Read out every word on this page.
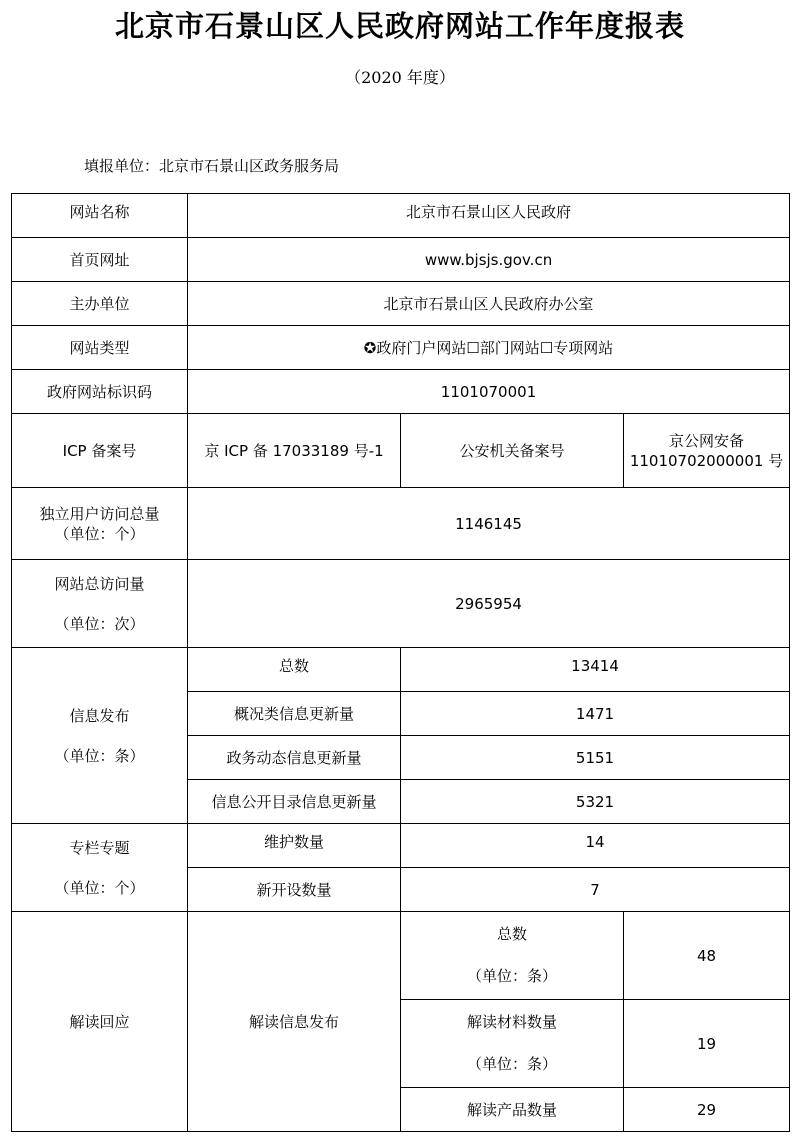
北京市石景山区人民政府网站工作年度报表
（2020 年度）
填报单位：北京市石景山区政务服务局
网站名称	北京市石景山区人民政府		
首页网址	www.bjsjs.gov.cn		
主办单位	北京市石景山区人民政府办公室		
网站类型	✪政府门户网站☐部门网站☐专项网站		
政府网站标识码	1101070001		
ICP 备案号	京 ICP 备 17033189 号-1	公安机关备案号	京公网安备
11010702000001 号
独立用户访问总量
（单位：个）	1146145		
网站总访问量
（单位：次）	2965954		
信息发布
（单位：条）	总数	13414	
	概况类信息更新量	1471	
	政务动态信息更新量	5151	
	信息公开目录信息更新量	5321	
专栏专题
（单位：个）	维护数量	14	
	新开设数量	7	
解读回应	解读信息发布	总数
（单位：条）	48
		解读材料数量
（单位：条）	19
		解读产品数量	29
